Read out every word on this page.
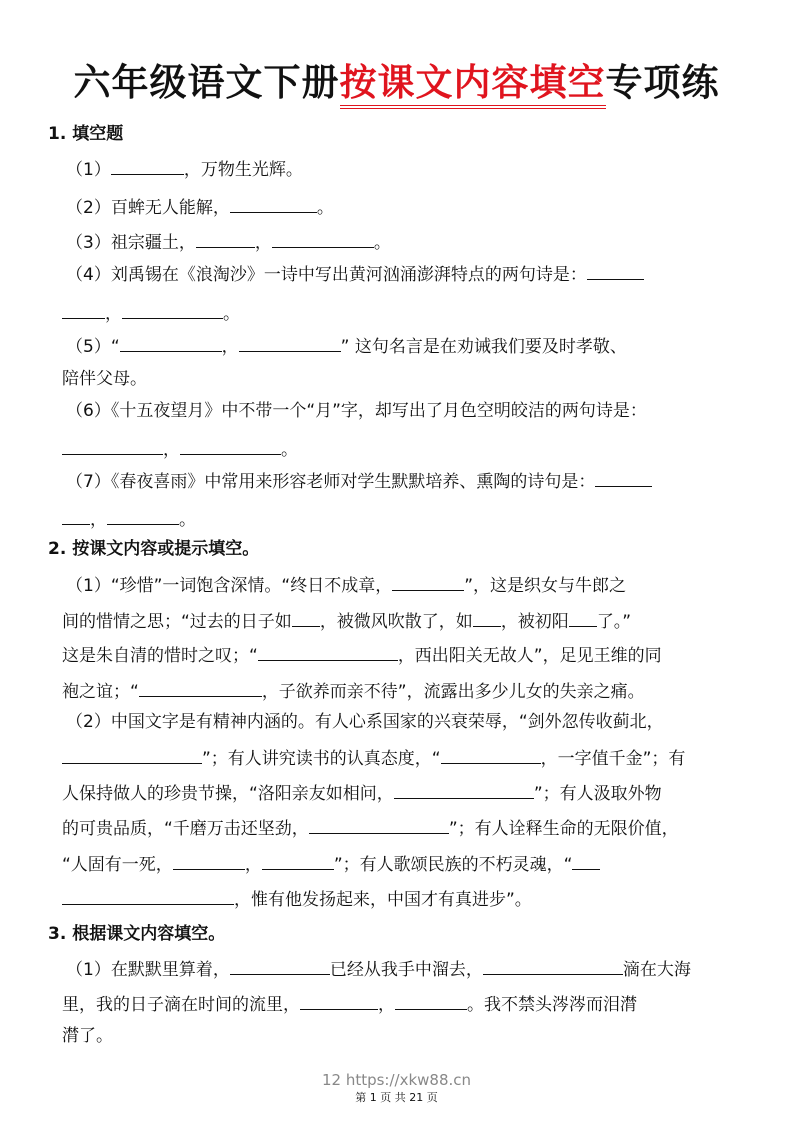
六年级语文下册按课文内容填空专项练
1. 填空题
（1）	，万物生光辉。
（2）百蛑无人能解，	。
（3）祖宗疆土，	，	。
（4）刘禹锡在《浪淘沙》一诗中写出黄河汹涌澎湃特点的两句诗是：
，	。
（5）“	，	” 这句名言是在劝诫我们要及时孝敬、
陪伴父母。
（6）《十五夜望月》中不带一个“月”字，却写出了月色空明皎洁的两句诗是：
，	。
（7）《春夜喜雨》中常用来形容老师对学生默默培养、熏陶的诗句是：
，	。
2. 按课文内容或提示填空。
（1）“珍惜”一词饱含深情。“终日不成章，	”，这是织女与牛郎之
间的惜情之思；“过去的日子如 ，被微风吹散了，如 ，被初阳 了。”
这是朱自清的惜时之叹；“	，西出阳关无故人”，足见王维的同
袍之谊；“	，子欲养而亲不待”，流露出多少儿女的失亲之痛。
（2）中国文字是有精神内涵的。有人心系国家的兴衰荣辱，“剑外忽传收蓟北，
”；有人讲究读书的认真态度，“	，一字值千金”；有
人保持做人的珍贵节操，“洛阳亲友如相问，	”；有人汲取外物
的可贵品质，“千磨万击还坚劲，	”；有人诠释生命的无限价值，
“人固有一死，	，	”；有人歌颂民族的不朽灵魂，“
，惟有他发扬起来，中国才有真进步”。
3. 根据课文内容填空。
（1）在默默里算着，	已经从我手中溜去，	滴在大海
里，我的日子滴在时间的流里，	，	。我不禁头涔涔而泪潸
潸了。
12 https://xkw88.cn
第 1 页 共 21 页
